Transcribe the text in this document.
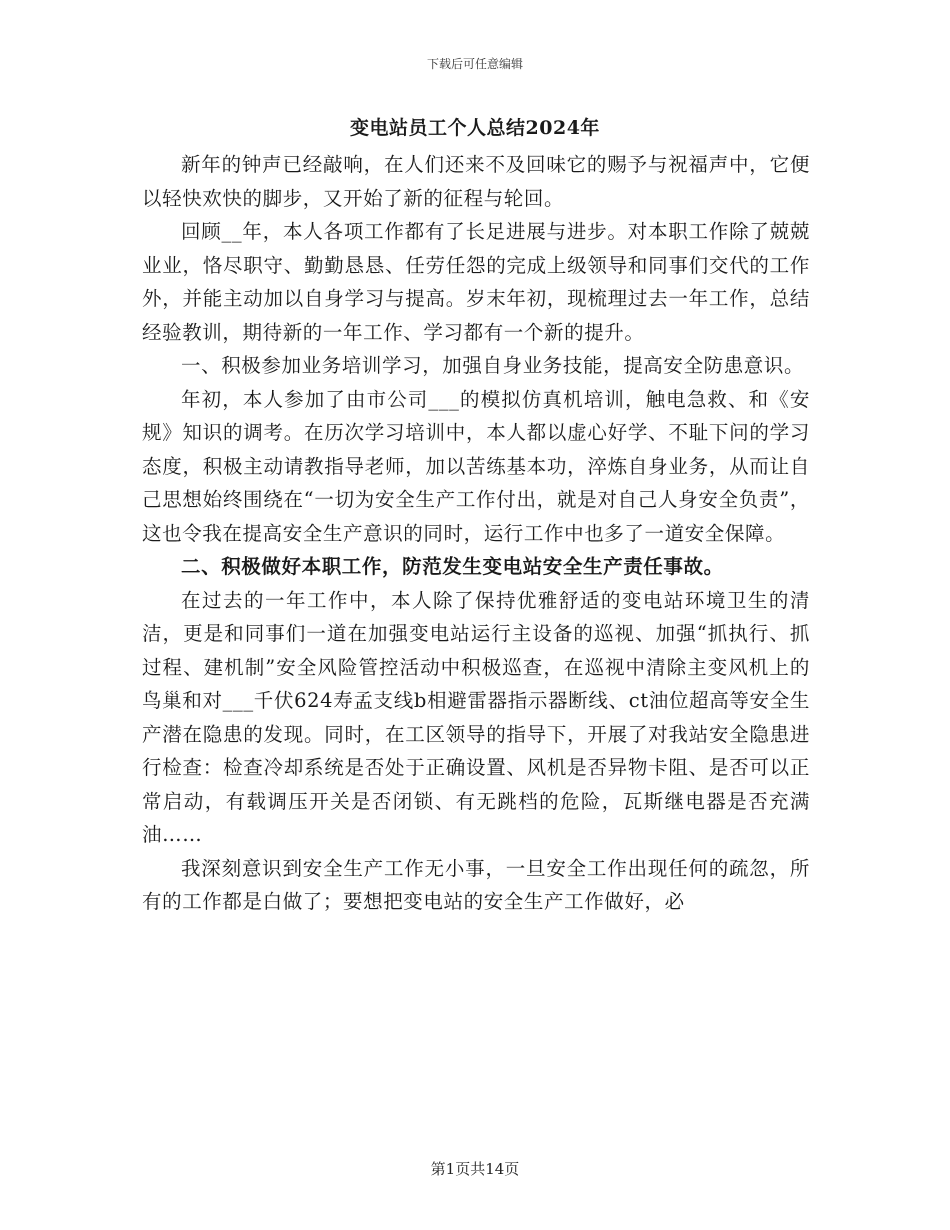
下载后可任意编辑
变电站员工个人总结2024年

新年的钟声已经敲响，在人们还来不及回味它的赐予与祝福声中，它便以轻快欢快的脚步，又开始了新的征程与轮回。

回顾__年，本人各项工作都有了长足进展与进步。对本职工作除了兢兢业业，恪尽职守、勤勤恳恳、任劳任怨的完成上级领导和同事们交代的工作外，并能主动加以自身学习与提高。岁末年初，现梳理过去一年工作，总结经验教训，期待新的一年工作、学习都有一个新的提升。

一、积极参加业务培训学习，加强自身业务技能，提高安全防患意识。

年初，本人参加了由市公司___的模拟仿真机培训，触电急救、和《安规》知识的调考。在历次学习培训中，本人都以虚心好学、不耻下问的学习态度，积极主动请教指导老师，加以苦练基本功，淬炼自身业务，从而让自己思想始终围绕在“一切为安全生产工作付出，就是对自己人身安全负责”，这也令我在提高安全生产意识的同时，运行工作中也多了一道安全保障。

二、积极做好本职工作，防范发生变电站安全生产责任事故。

在过去的一年工作中，本人除了保持优雅舒适的变电站环境卫生的清洁，更是和同事们一道在加强变电站运行主设备的巡视、加强“抓执行、抓过程、建机制”安全风险管控活动中积极巡查，在巡视中清除主变风机上的鸟巢和对___千伏624寿孟支线b相避雷器指示器断线、ct油位超高等安全生产潜在隐患的发现。同时，在工区领导的指导下，开展了对我站安全隐患进行检查：检查冷却系统是否处于正确设置、风机是否异物卡阻、是否可以正常启动，有载调压开关是否闭锁、有无跳档的危险，瓦斯继电器是否充满油……

我深刻意识到安全生产工作无小事，一旦安全工作出现任何的疏忽，所有的工作都是白做了；要想把变电站的安全生产工作做好，必

第1页共14页
